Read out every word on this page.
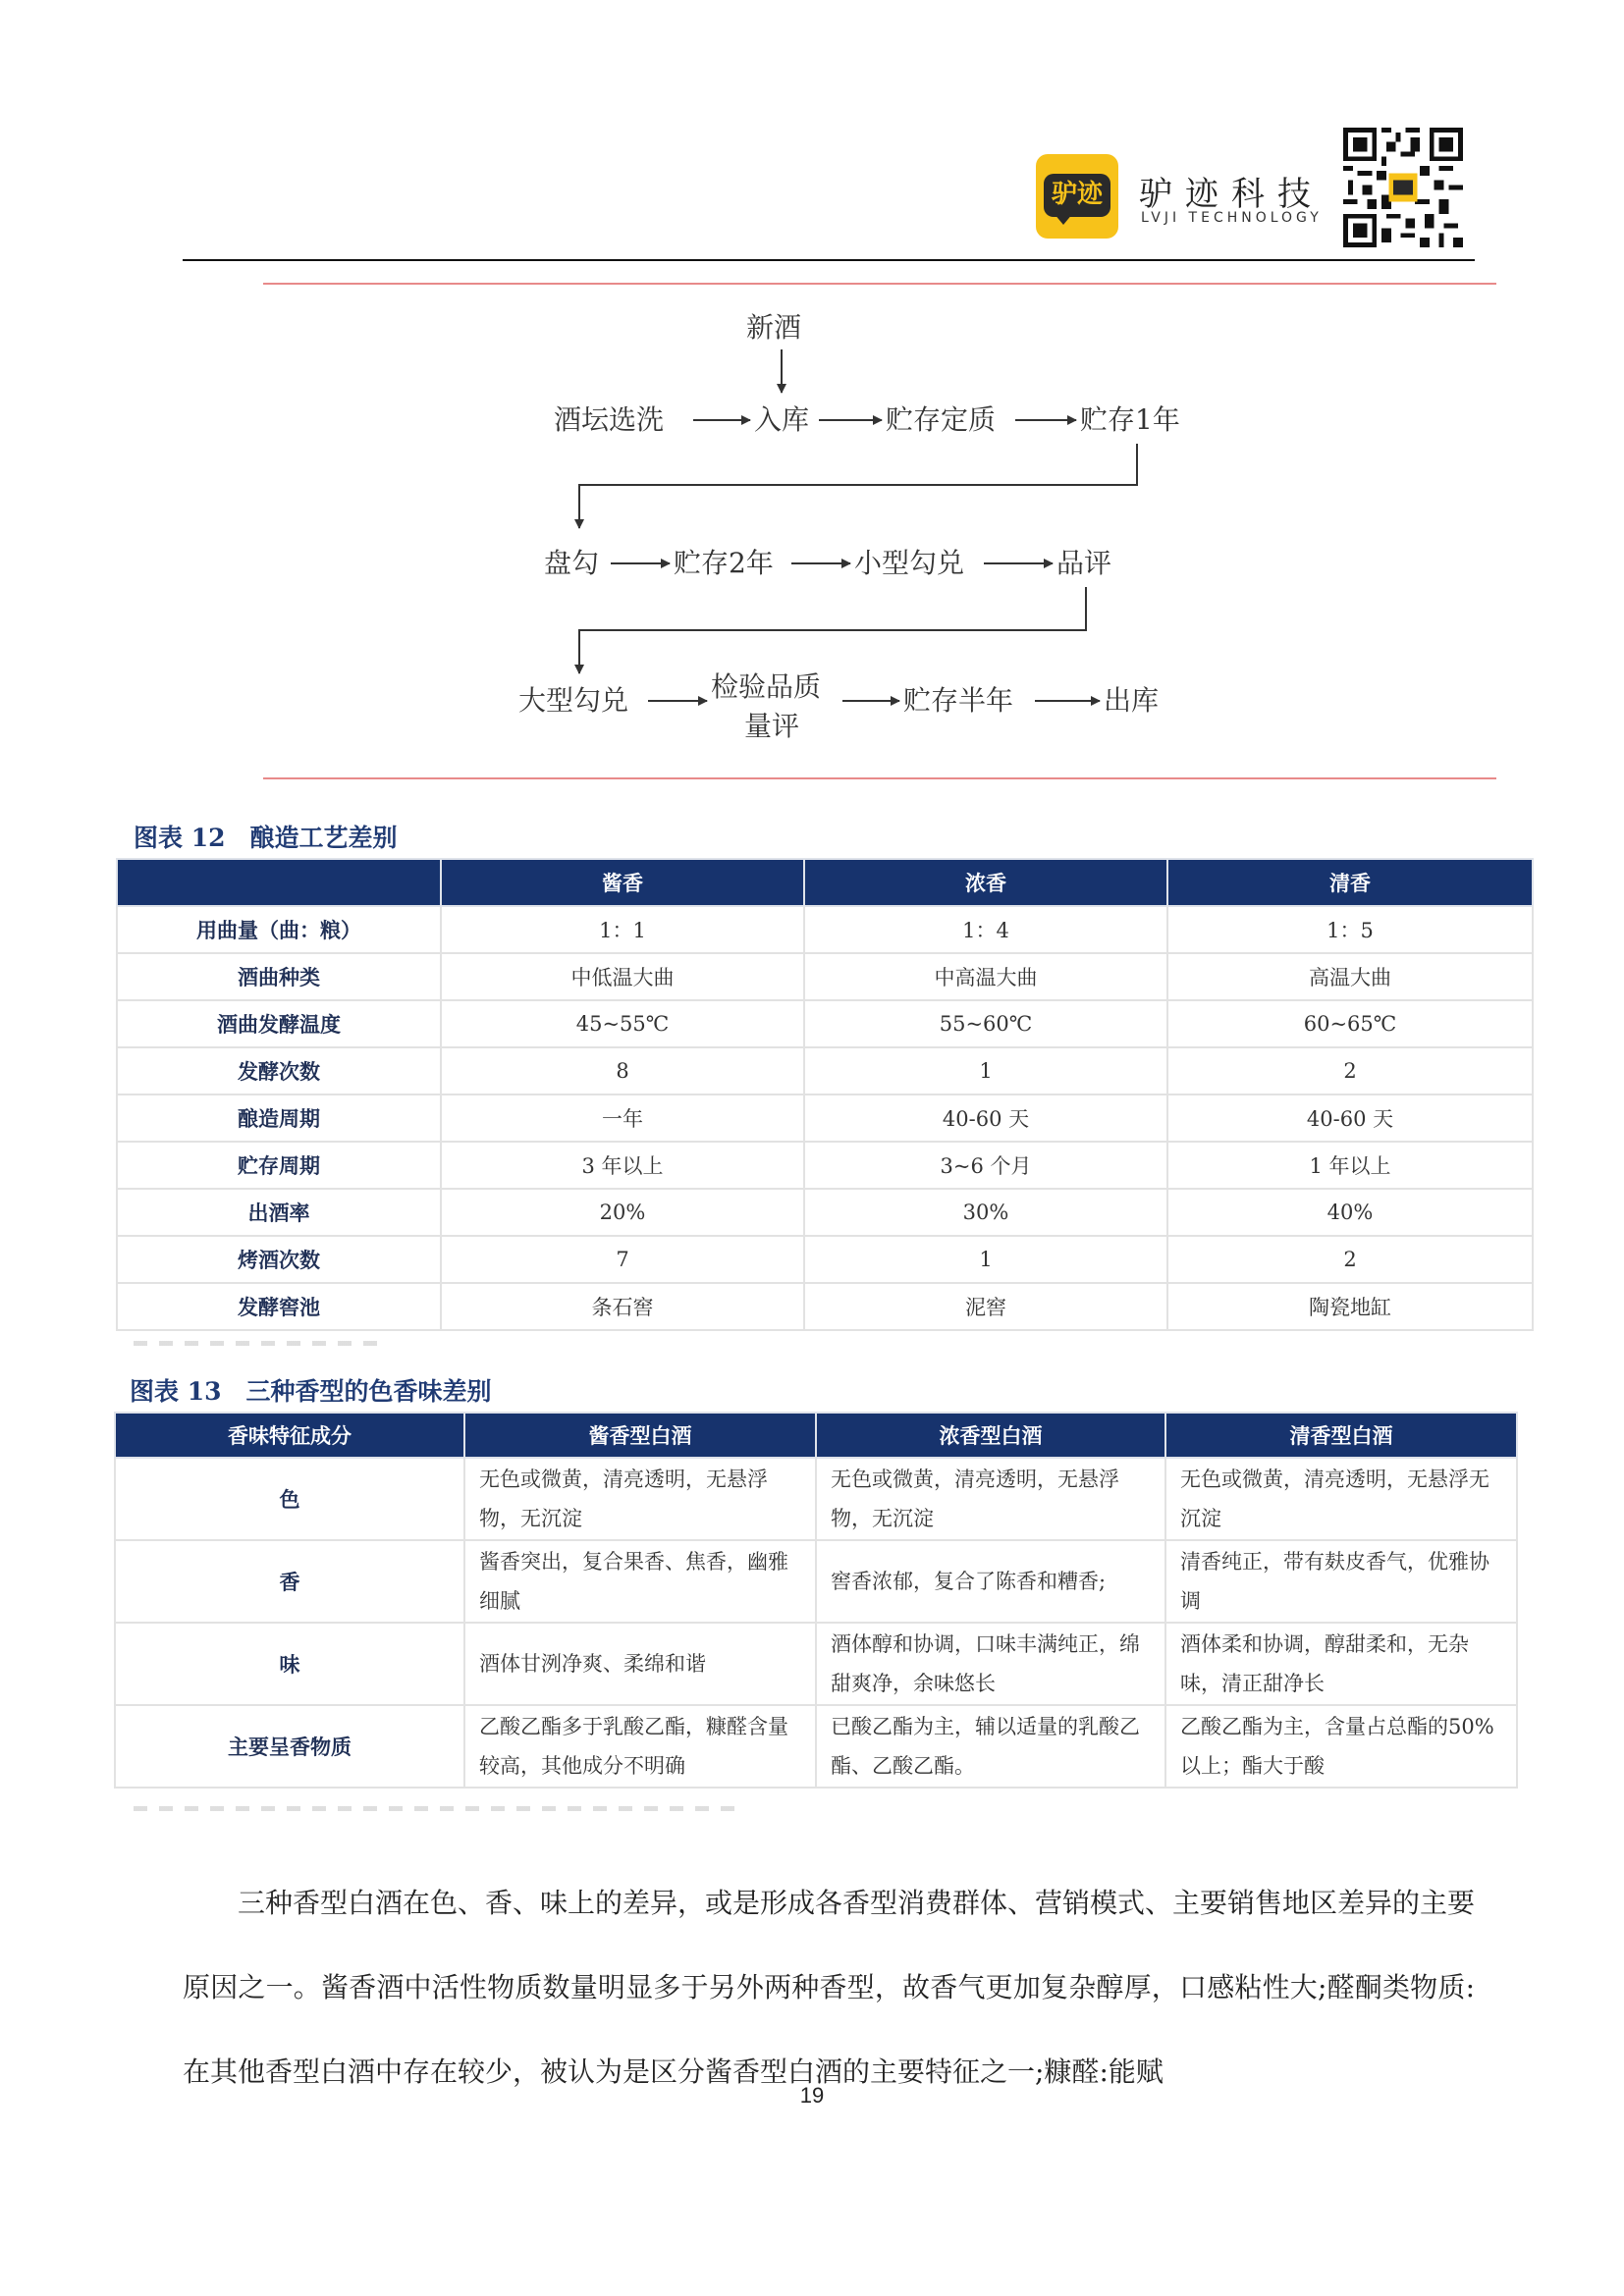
驴迹 驴迹科技
LVJI TECHNOLOGY
新酒
酒坛选洗	入库	贮存定质	贮存1年
盘勾	贮存2年	小型勾兑	品评
大型勾兑	检验品质
量评
贮存半年	出库
图表 12　酿造工艺差别
	酱香	浓香	清香
用曲量（曲：粮）	1：1	1：4	1：5
酒曲种类	中低温大曲	中高温大曲	高温大曲
酒曲发酵温度	45~55℃	55~60℃	60~65℃
发酵次数	8	1	2
酿造周期	一年	40-60 天	40-60 天
贮存周期	3 年以上	3~6 个月	1 年以上
出酒率	20%	30%	40%
烤酒次数	7	1	2
发酵窖池	条石窖	泥窖	陶瓷地缸
图表 13　三种香型的色香味差别
香味特征成分	酱香型白酒	浓香型白酒	清香型白酒
色	无色或微黄，清亮透明，无悬浮物，无沉淀	无色或微黄，清亮透明，无悬浮物，无沉淀	无色或微黄，清亮透明，无悬浮无沉淀
香	酱香突出，复合果香、焦香，幽雅细腻	窖香浓郁，复合了陈香和糟香;	清香纯正，带有麸皮香气，优雅协调
味	酒体甘洌净爽、柔绵和谐	酒体醇和协调，口味丰满纯正，绵甜爽净，余味悠长	酒体柔和协调，醇甜柔和，无杂味，清正甜净长
主要呈香物质	乙酸乙酯多于乳酸乙酯，糠醛含量较高，其他成分不明确	已酸乙酯为主，辅以适量的乳酸乙酯、乙酸乙酯。	乙酸乙酯为主，含量占总酯的50%以上；酯大于酸

三种香型白酒在色、香、味上的差异，或是形成各香型消费群体、营销模式、主要销售地区差异的主要原因之一。酱香酒中活性物质数量明显多于另外两种香型，故香气更加复杂醇厚，口感粘性大;醛酮类物质:在其他香型白酒中存在较少，被认为是区分酱香型白酒的主要特征之一;糠醛:能赋

19
